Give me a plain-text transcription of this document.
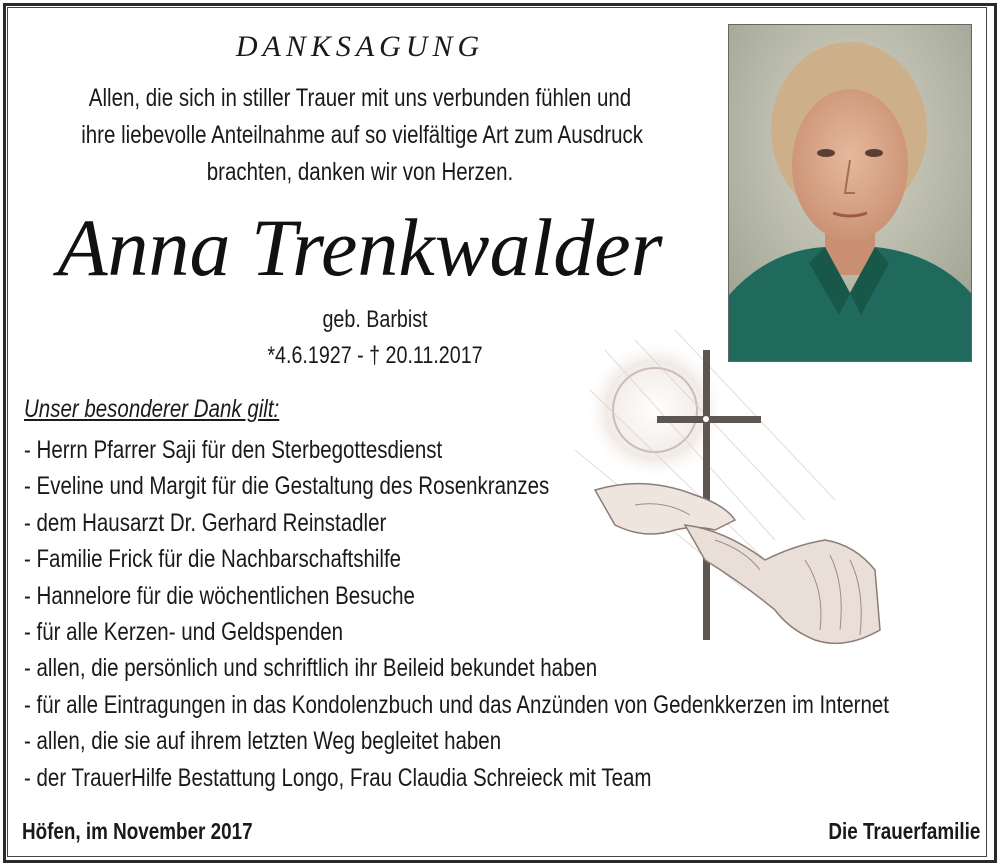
DANKSAGUNG
Allen, die sich in stiller Trauer mit uns verbunden fühlen und
ihre liebevolle Anteilnahme auf so vielfältige Art zum Ausdruck
brachten, danken wir von Herzen.
Anna Trenkwalder
geb. Barbist
*4.6.1927 - † 20.11.2017
Unser besonderer Dank gilt:
- Herrn Pfarrer Saji für den Sterbegottesdienst
- Eveline und Margit für die Gestaltung des Rosenkranzes
- dem Hausarzt Dr. Gerhard Reinstadler
- Familie Frick für die Nachbarschaftshilfe
- Hannelore für die wöchentlichen Besuche
- für alle Kerzen- und Geldspenden
- allen, die persönlich und schriftlich ihr Beileid bekundet haben
- für alle Eintragungen in das Kondolenzbuch und das Anzünden von Gedenkkerzen im Internet
- allen, die sie auf ihrem letzten Weg begleitet haben
- der TrauerHilfe Bestattung Longo, Frau Claudia Schreieck mit Team
Höfen, im November 2017	Die Trauerfamilie
